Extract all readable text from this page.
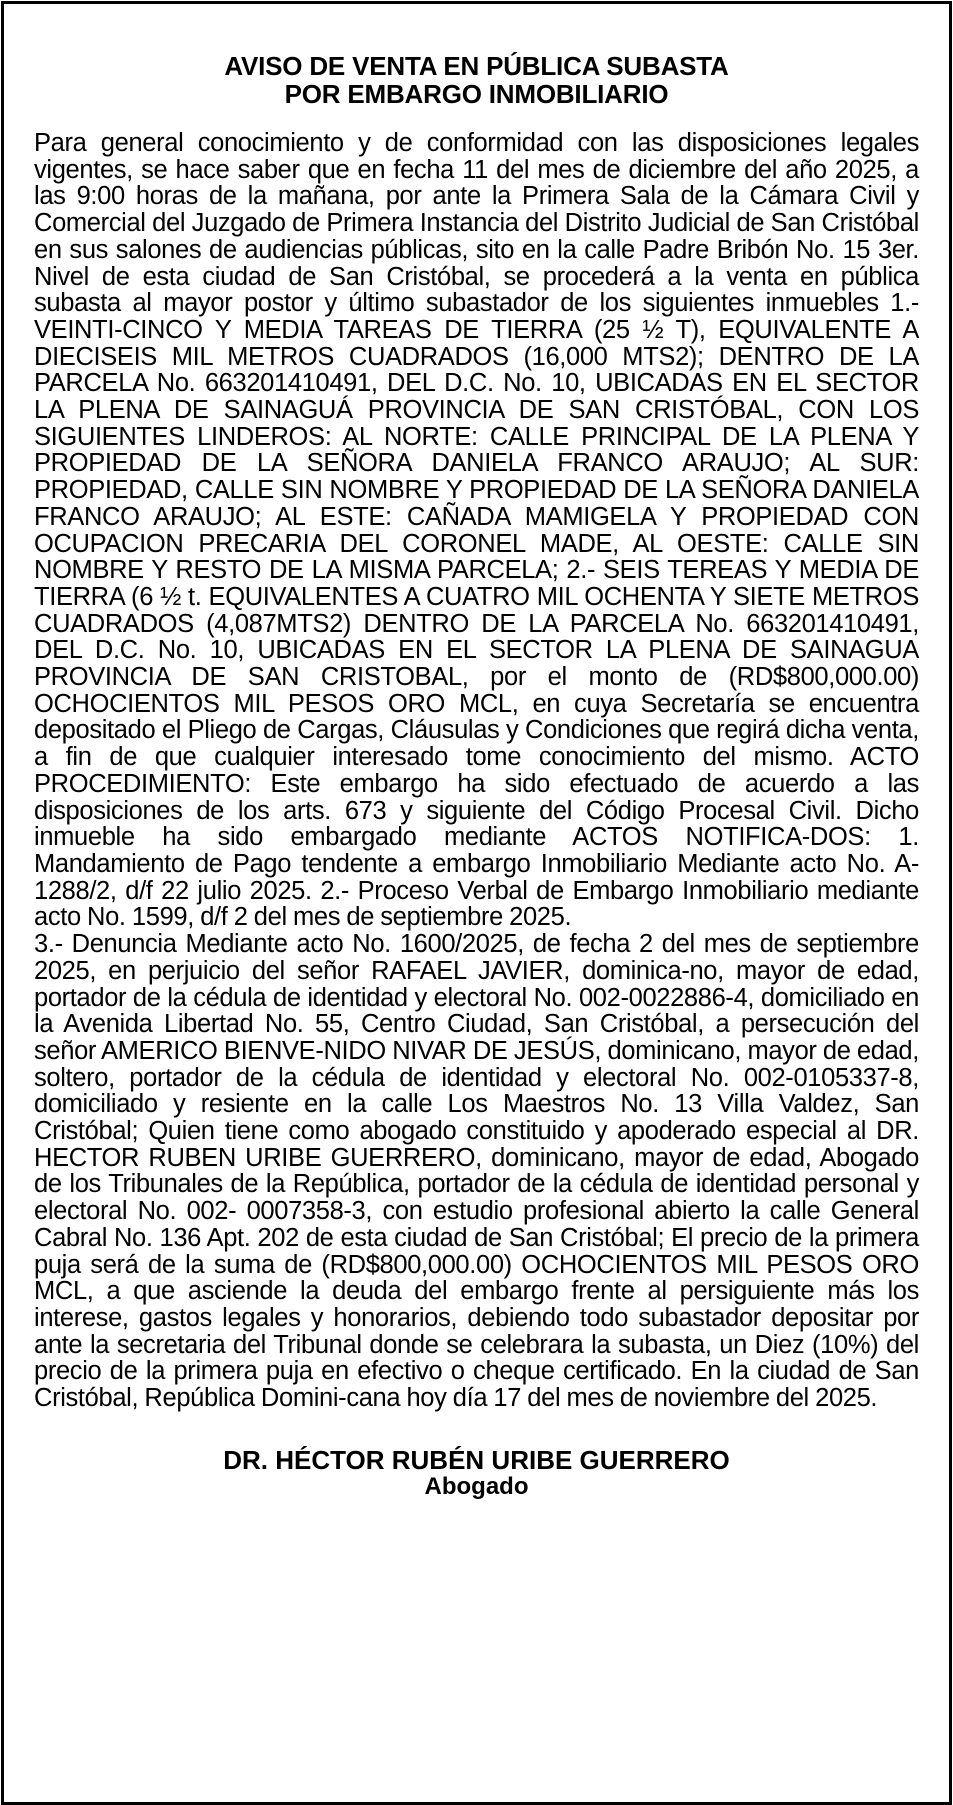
AVISO DE VENTA EN PÚBLICA SUBASTA
POR EMBARGO INMOBILIARIO

Para general conocimiento y de conformidad con las disposiciones legales vigentes, se hace saber que en fecha 11 del mes de diciembre del año 2025, a las 9:00 horas de la mañana, por ante la Primera Sala de la Cámara Civil y Comercial del Juzgado de Primera Instancia del Distrito Judicial de San Cristóbal en sus salones de audiencias públicas, sito en la calle Padre Bribón No. 15 3er. Nivel de esta ciudad de San Cristóbal, se procederá a la venta en pública subasta al mayor postor y último subastador de los siguientes inmuebles 1.- VEINTI-CINCO Y MEDIA TAREAS DE TIERRA (25 ½ T), EQUIVALENTE A DIECISEIS MIL METROS CUADRADOS (16,000 MTS2); DENTRO DE LA PARCELA No. 663201410491, DEL D.C. No. 10, UBICADAS EN EL SECTOR LA PLENA DE SAINAGUÁ PROVINCIA DE SAN CRISTÓBAL, CON LOS SIGUIENTES LINDEROS: AL NORTE: CALLE PRINCIPAL DE LA PLENA Y PROPIEDAD DE LA SEÑORA DANIELA FRANCO ARAUJO; AL SUR: PROPIEDAD, CALLE SIN NOMBRE Y PROPIEDAD DE LA SEÑORA DANIELA FRANCO ARAUJO; AL ESTE: CAÑADA MAMIGELA Y PROPIEDAD CON OCUPACION PRECARIA DEL CORONEL MADE, AL OESTE: CALLE SIN NOMBRE Y RESTO DE LA MISMA PARCELA; 2.- SEIS TEREAS Y MEDIA DE TIERRA (6 ½ t. EQUIVALENTES A CUATRO MIL OCHENTA Y SIETE METROS CUADRADOS (4,087MTS2) DENTRO DE LA PARCELA No. 663201410491, DEL D.C. No. 10, UBICADAS EN EL SECTOR LA PLENA DE SAINAGUA PROVINCIA DE SAN CRISTOBAL, por el monto de (RD$800,000.00) OCHOCIENTOS MIL PESOS ORO MCL, en cuya Secretaría se encuentra depositado el Pliego de Cargas, Cláusulas y Condiciones que regirá dicha venta, a fin de que cualquier interesado tome conocimiento del mismo. ACTO PROCEDIMIENTO: Este embargo ha sido efectuado de acuerdo a las disposiciones de los arts. 673 y siguiente del Código Procesal Civil. Dicho inmueble ha sido embargado mediante ACTOS NOTIFICA-DOS: 1. Mandamiento de Pago tendente a embargo Inmobiliario Mediante acto No. A-1288/2, d/f 22 julio 2025. 2.- Proceso Verbal de Embargo Inmobiliario mediante acto No. 1599, d/f 2 del mes de septiembre 2025.

3.- Denuncia Mediante acto No. 1600/2025, de fecha 2 del mes de septiembre 2025, en perjuicio del señor RAFAEL JAVIER, dominica-no, mayor de edad, portador de la cédula de identidad y electoral No. 002-0022886-4, domiciliado en la Avenida Libertad No. 55, Centro Ciudad, San Cristóbal, a persecución del señor AMERICO BIENVE-NIDO NIVAR DE JESÚS, dominicano, mayor de edad, soltero, portador de la cédula de identidad y electoral No. 002-0105337-8, domiciliado y resiente en la calle Los Maestros No. 13 Villa Valdez, San Cristóbal; Quien tiene como abogado constituido y apoderado especial al DR. HECTOR RUBEN URIBE GUERRERO, dominicano, mayor de edad, Abogado de los Tribunales de la República, portador de la cédula de identidad personal y electoral No. 002- 0007358-3, con estudio profesional abierto la calle General Cabral No. 136 Apt. 202 de esta ciudad de San Cristóbal; El precio de la primera puja será de la suma de (RD$800,000.00) OCHOCIENTOS MIL PESOS ORO MCL, a que asciende la deuda del embargo frente al persiguiente más los interese, gastos legales y honorarios, debiendo todo subastador depositar por ante la secretaria del Tribunal donde se celebrara la subasta, un Diez (10%) del precio de la primera puja en efectivo o cheque certificado. En la ciudad de San Cristóbal, República Domini-cana hoy día 17 del mes de noviembre del 2025.

DR. HÉCTOR RUBÉN URIBE GUERRERO
Abogado
